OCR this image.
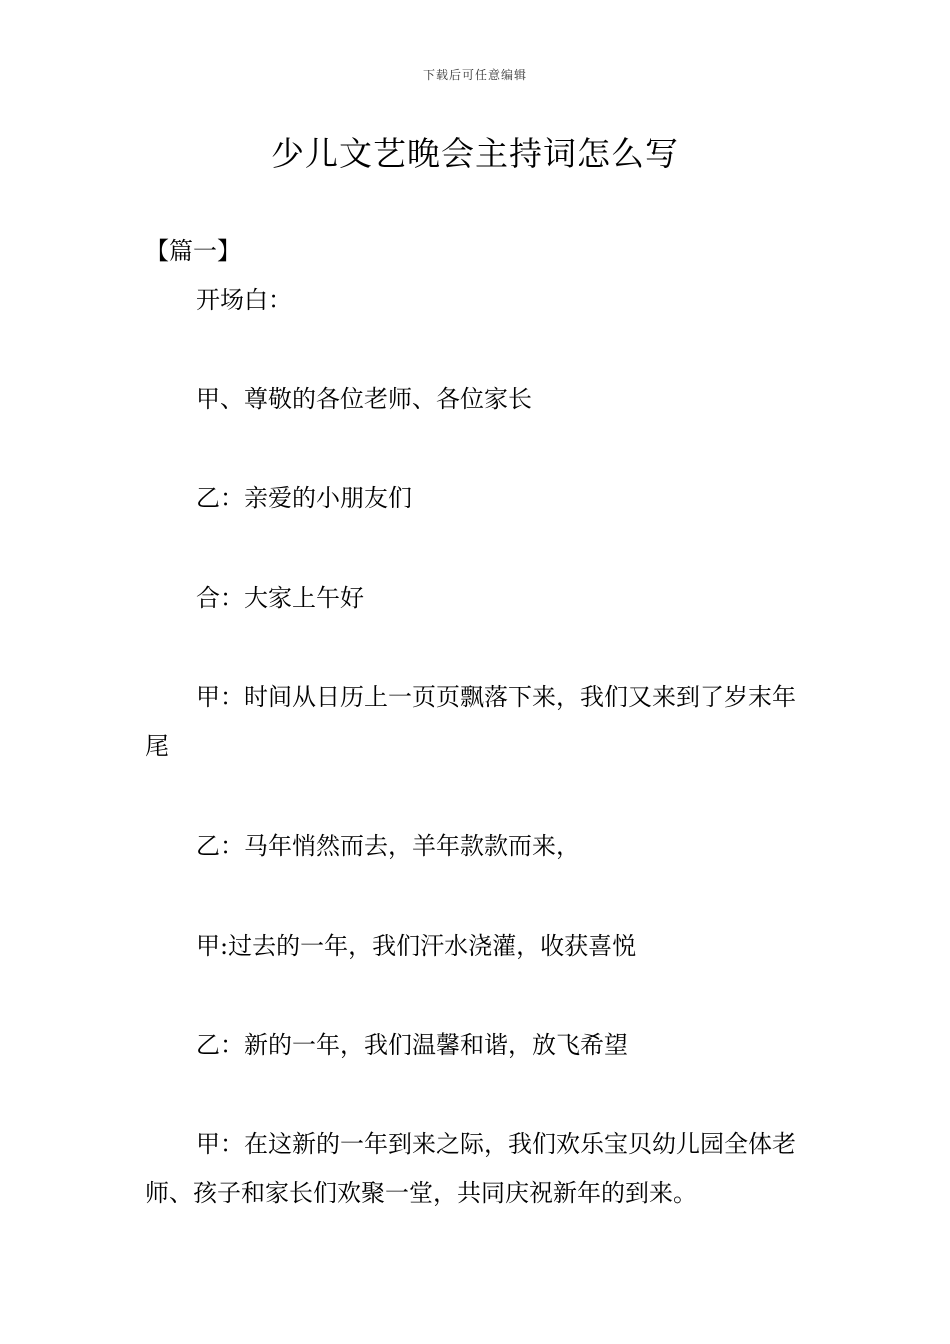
下载后可任意编辑
少儿文艺晚会主持词怎么写
【篇一】

开场白：

甲、尊敬的各位老师、各位家长

乙：亲爱的小朋友们

合：大家上午好

甲：时间从日历上一页页飘落下来，我们又来到了岁末年尾

乙：马年悄然而去，羊年款款而来，

甲:过去的一年，我们汗水浇灌，收获喜悦

乙：新的一年，我们温馨和谐，放飞希望

甲：在这新的一年到来之际，我们欢乐宝贝幼儿园全体老师、孩子和家长们欢聚一堂，共同庆祝新年的到来。
